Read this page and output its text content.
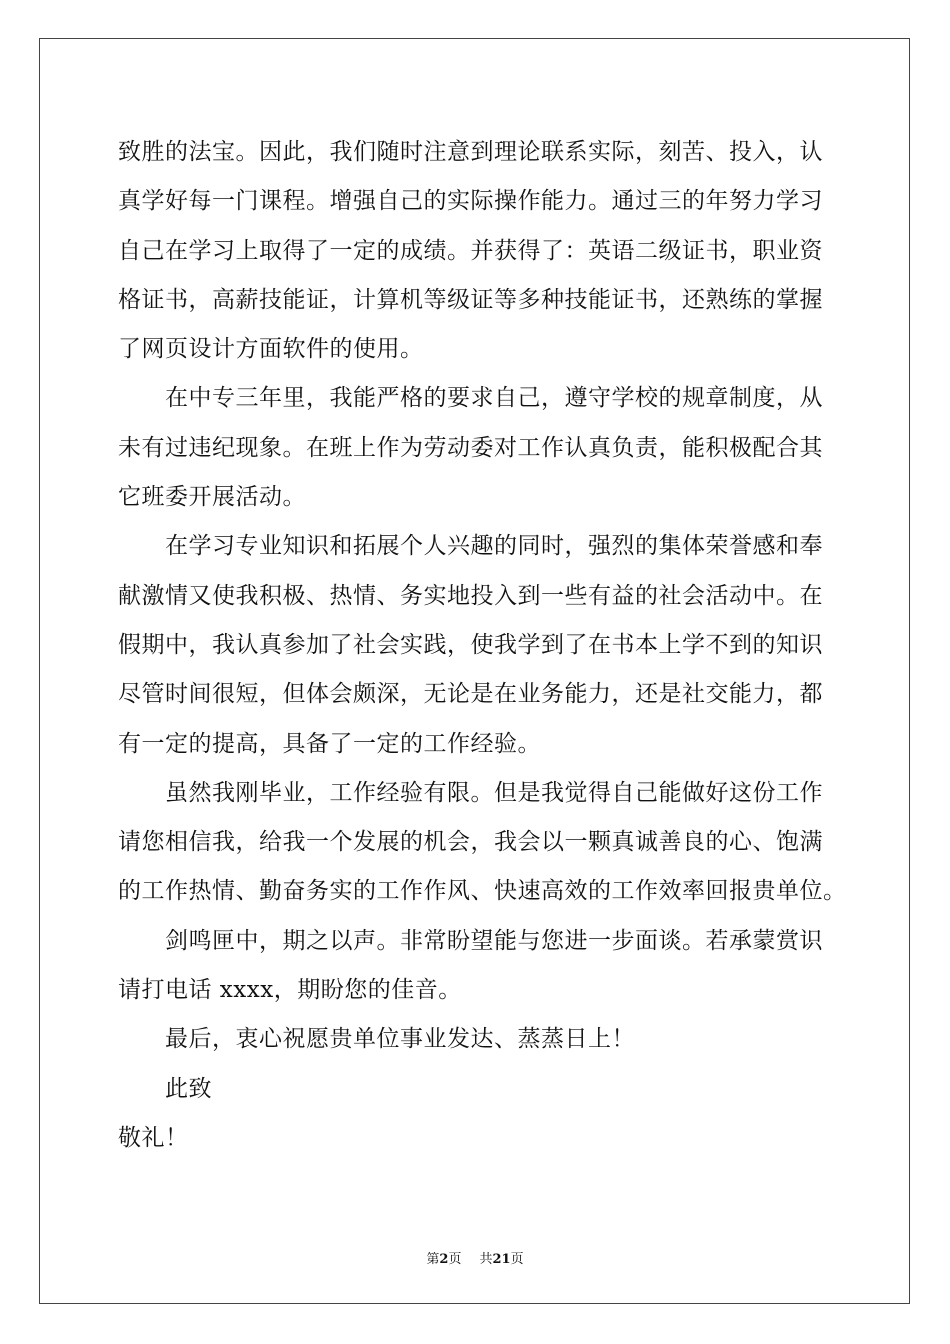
致胜的法宝。因此，我们随时注意到理论联系实际，刻苦、投入，认
真学好每一门课程。增强自己的实际操作能力。通过三的年努力学习
自己在学习上取得了一定的成绩。并获得了：英语二级证书，职业资
格证书，高薪技能证，计算机等级证等多种技能证书，还熟练的掌握
了网页设计方面软件的使用。
在中专三年里，我能严格的要求自己，遵守学校的规章制度，从
未有过违纪现象。在班上作为劳动委对工作认真负责，能积极配合其
它班委开展活动。
在学习专业知识和拓展个人兴趣的同时，强烈的集体荣誉感和奉
献激情又使我积极、热情、务实地投入到一些有益的社会活动中。在
假期中，我认真参加了社会实践，使我学到了在书本上学不到的知识
尽管时间很短，但体会颇深，无论是在业务能力，还是社交能力，都
有一定的提高，具备了一定的工作经验。
虽然我刚毕业，工作经验有限。但是我觉得自己能做好这份工作
请您相信我，给我一个发展的机会，我会以一颗真诚善良的心、饱满
的工作热情、勤奋务实的工作作风、快速高效的工作效率回报贵单位。
剑鸣匣中，期之以声。非常盼望能与您进一步面谈。若承蒙赏识
请打电话 xxxx，期盼您的佳音。
最后，衷心祝愿贵单位事业发达、蒸蒸日上！
此致
敬礼！
第2页 共21页
